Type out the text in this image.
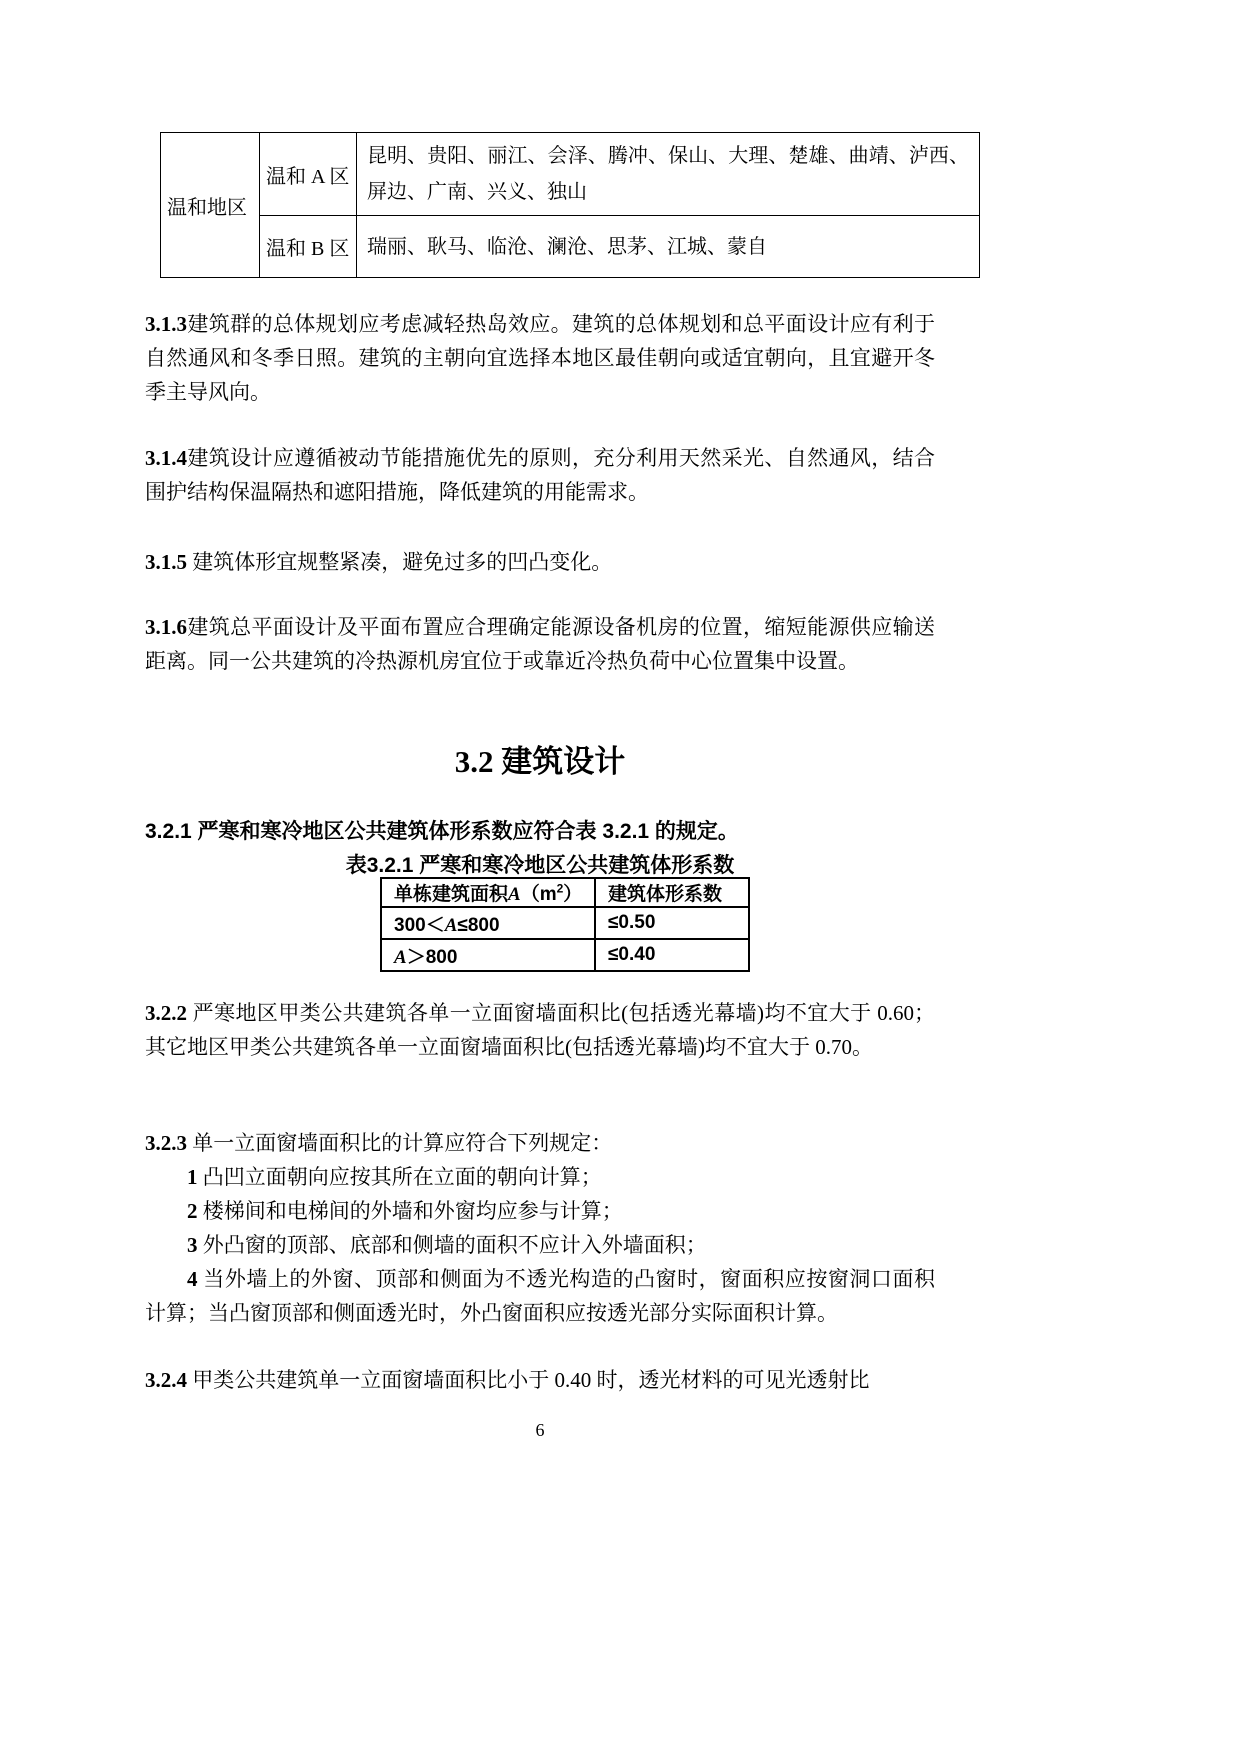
温和地区	温和 A 区	昆明、贵阳、丽江、会泽、腾冲、保山、大理、楚雄、曲靖、泸西、屏边、广南、兴义、独山
	温和 B 区	瑞丽、耿马、临沧、澜沧、思茅、江城、蒙自

3.1.3建筑群的总体规划应考虑减轻热岛效应。建筑的总体规划和总平面设计应有利于自然通风和冬季日照。建筑的主朝向宜选择本地区最佳朝向或适宜朝向，且宜避开冬季主导风向。

3.1.4建筑设计应遵循被动节能措施优先的原则，充分利用天然采光、自然通风，结合围护结构保温隔热和遮阳措施，降低建筑的用能需求。

3.1.5 建筑体形宜规整紧凑，避免过多的凹凸变化。

3.1.6建筑总平面设计及平面布置应合理确定能源设备机房的位置，缩短能源供应输送距离。同一公共建筑的冷热源机房宜位于或靠近冷热负荷中心位置集中设置。

3.2 建筑设计

3.2.1 严寒和寒冷地区公共建筑体形系数应符合表 3.2.1 的规定。

表3.2.1 严寒和寒冷地区公共建筑体形系数

单栋建筑面积$A(m^2)$	建筑体形系数
300＜A≤800	≤0.50
A＞800	≤0.40

3.2.2 严寒地区甲类公共建筑各单一立面窗墙面积比(包括透光幕墙)均不宜大于 0.60；其它地区甲类公共建筑各单一立面窗墙面积比(包括透光幕墙)均不宜大于 0.70。

3.2.3 单一立面窗墙面积比的计算应符合下列规定：

1 凸凹立面朝向应按其所在立面的朝向计算；

2 楼梯间和电梯间的外墙和外窗均应参与计算；

3 外凸窗的顶部、底部和侧墙的面积不应计入外墙面积；

4 当外墙上的外窗、顶部和侧面为不透光构造的凸窗时，窗面积应按窗洞口面积计算；当凸窗顶部和侧面透光时，外凸窗面积应按透光部分实际面积计算。

3.2.4 甲类公共建筑单一立面窗墙面积比小于 0.40 时，透光材料的可见光透射比

6
